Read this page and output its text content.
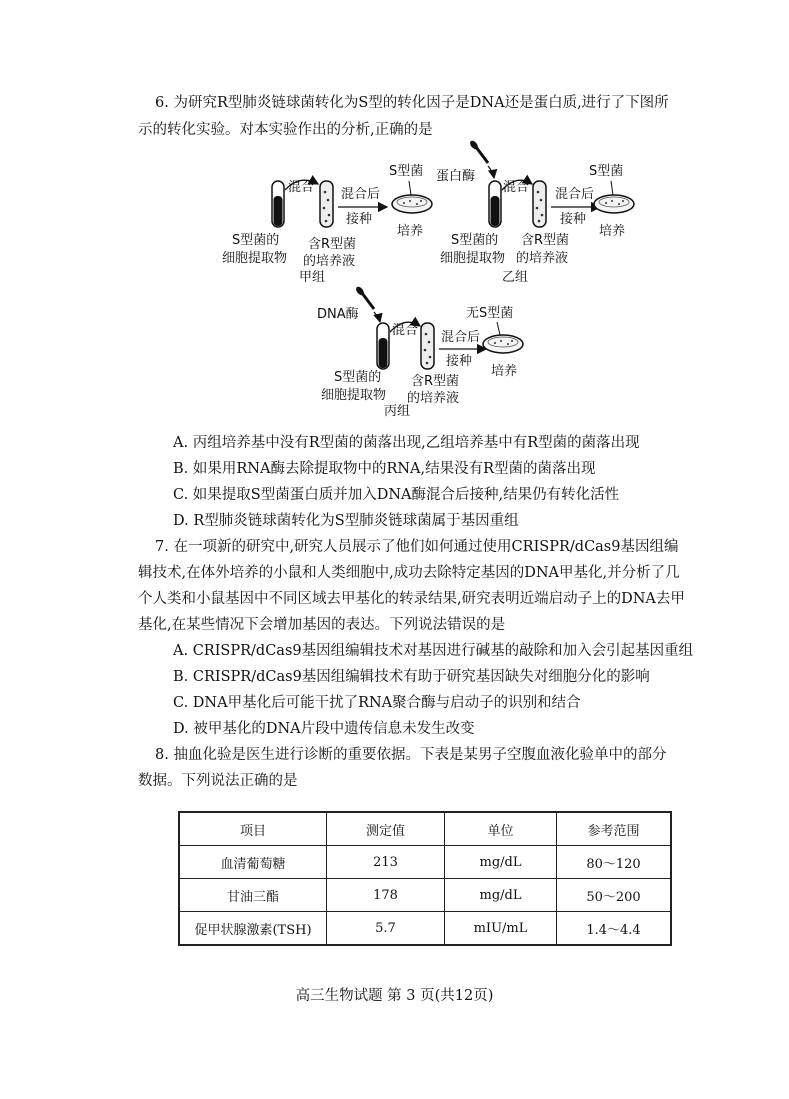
6. 为研究R型肺炎链球菌转化为S型的转化因子是DNA还是蛋白质,进行了下图所
示的转化实验。对本实验作出的分析,正确的是
混合 混合后
接种
S型菌
培养
S型菌的
细胞提取物
含R型菌
的培养液
甲组
蛋白酶
混合 混合后
接种
S型菌
培养
S型菌的
细胞提取物
含R型菌
的培养液
乙组
DNA酶
混合 混合后
接种
无S型菌
培养
S型菌的
细胞提取物
含R型菌
的培养液
丙组
A. 丙组培养基中没有R型菌的菌落出现,乙组培养基中有R型菌的菌落出现
B. 如果用RNA酶去除提取物中的RNA,结果没有R型菌的菌落出现
C. 如果提取S型菌蛋白质并加入DNA酶混合后接种,结果仍有转化活性
D. R型肺炎链球菌转化为S型肺炎链球菌属于基因重组
7. 在一项新的研究中,研究人员展示了他们如何通过使用CRISPR/dCas9基因组编
辑技术,在体外培养的小鼠和人类细胞中,成功去除特定基因的DNA甲基化,并分析了几
个人类和小鼠基因中不同区域去甲基化的转录结果,研究表明近端启动子上的DNA去甲
基化,在某些情况下会增加基因的表达。下列说法错误的是
A. CRISPR/dCas9基因组编辑技术对基因进行碱基的敲除和加入会引起基因重组
B. CRISPR/dCas9基因组编辑技术有助于研究基因缺失对细胞分化的影响
C. DNA甲基化后可能干扰了RNA聚合酶与启动子的识别和结合
D. 被甲基化的DNA片段中遗传信息未发生改变
8. 抽血化验是医生进行诊断的重要依据。下表是某男子空腹血液化验单中的部分
数据。下列说法正确的是
项目	测定值	单位	参考范围
血清葡萄糖	213	mg/dL	80～120
甘油三酯	178	mg/dL	50～200
促甲状腺激素(TSH)	5.7	mIU/mL	1.4～4.4
高三生物试题 第 3 页(共12页)
